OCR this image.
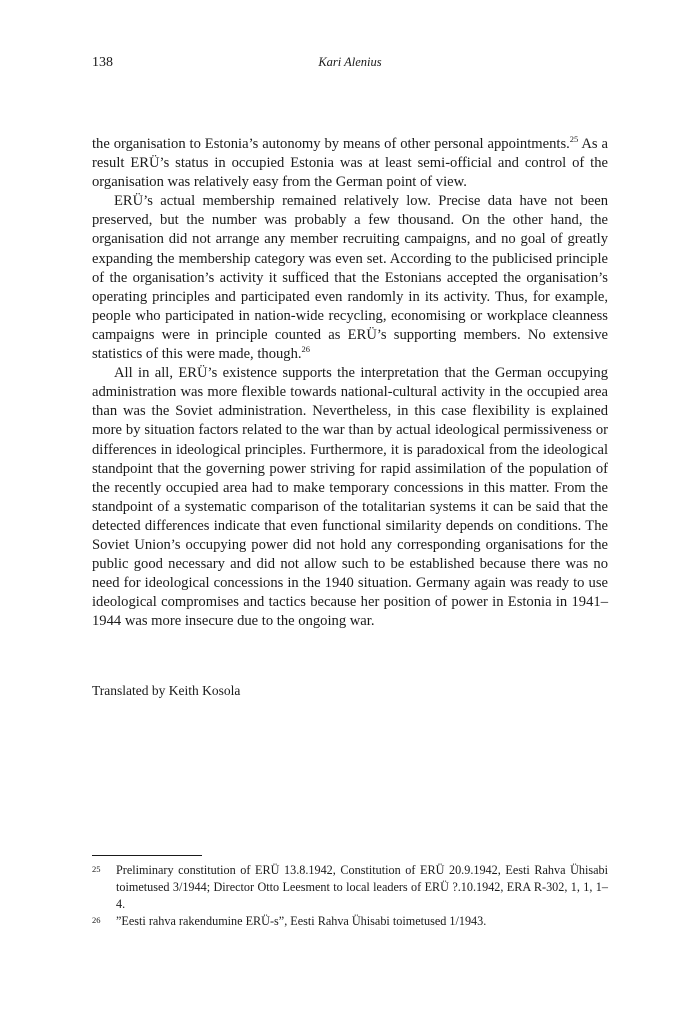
138	Kari Alenius

the organisation to Estonia’s autonomy by means of other personal appointments.$^{25}$ As a result ERÜ’s status in occupied Estonia was at least semi-official and control of the organisation was relatively easy from the German point of view.

ERÜ’s actual membership remained relatively low. Precise data have not been preserved, but the number was probably a few thousand. On the other hand, the organisation did not arrange any member recruiting campaigns, and no goal of greatly expanding the membership category was even set. According to the publicised principle of the organisation’s activity it sufficed that the Estonians accepted the organisation’s operating principles and participated even randomly in its activity. Thus, for example, people who participated in nation-wide recycling, economising or workplace cleanness campaigns were in principle counted as ERÜ’s supporting members. No extensive statistics of this were made, though.$^{26}$

All in all, ERÜ’s existence supports the interpretation that the German occupying administration was more flexible towards national-cultural activity in the occupied area than was the Soviet administration. Nevertheless, in this case flexibility is explained more by situation factors related to the war than by actual ideological permissiveness or differences in ideological principles. Furthermore, it is paradoxical from the ideological standpoint that the governing power striving for rapid assimilation of the population of the recently occupied area had to make temporary concessions in this matter. From the standpoint of a systematic comparison of the totalitarian systems it can be said that the detected differences indicate that even functional similarity depends on conditions. The Soviet Union’s occupying power did not hold any corresponding organisations for the public good necessary and did not allow such to be established because there was no need for ideological concessions in the 1940 situation. Germany again was ready to use ideological compromises and tactics because her position of power in Estonia in 1941–1944 was more insecure due to the ongoing war.

Translated by Keith Kosola
25 Preliminary constitution of ERÜ 13.8.1942, Constitution of ERÜ 20.9.1942, Eesti Rahva Ühisabi toimetused 3/1944; Director Otto Leesment to local leaders of ERÜ ?.10.1942, ERA R-302, 1, 1, 1–4.
26 ”Eesti rahva rakendumine ERÜ-s”, Eesti Rahva Ühisabi toimetused 1/1943.
